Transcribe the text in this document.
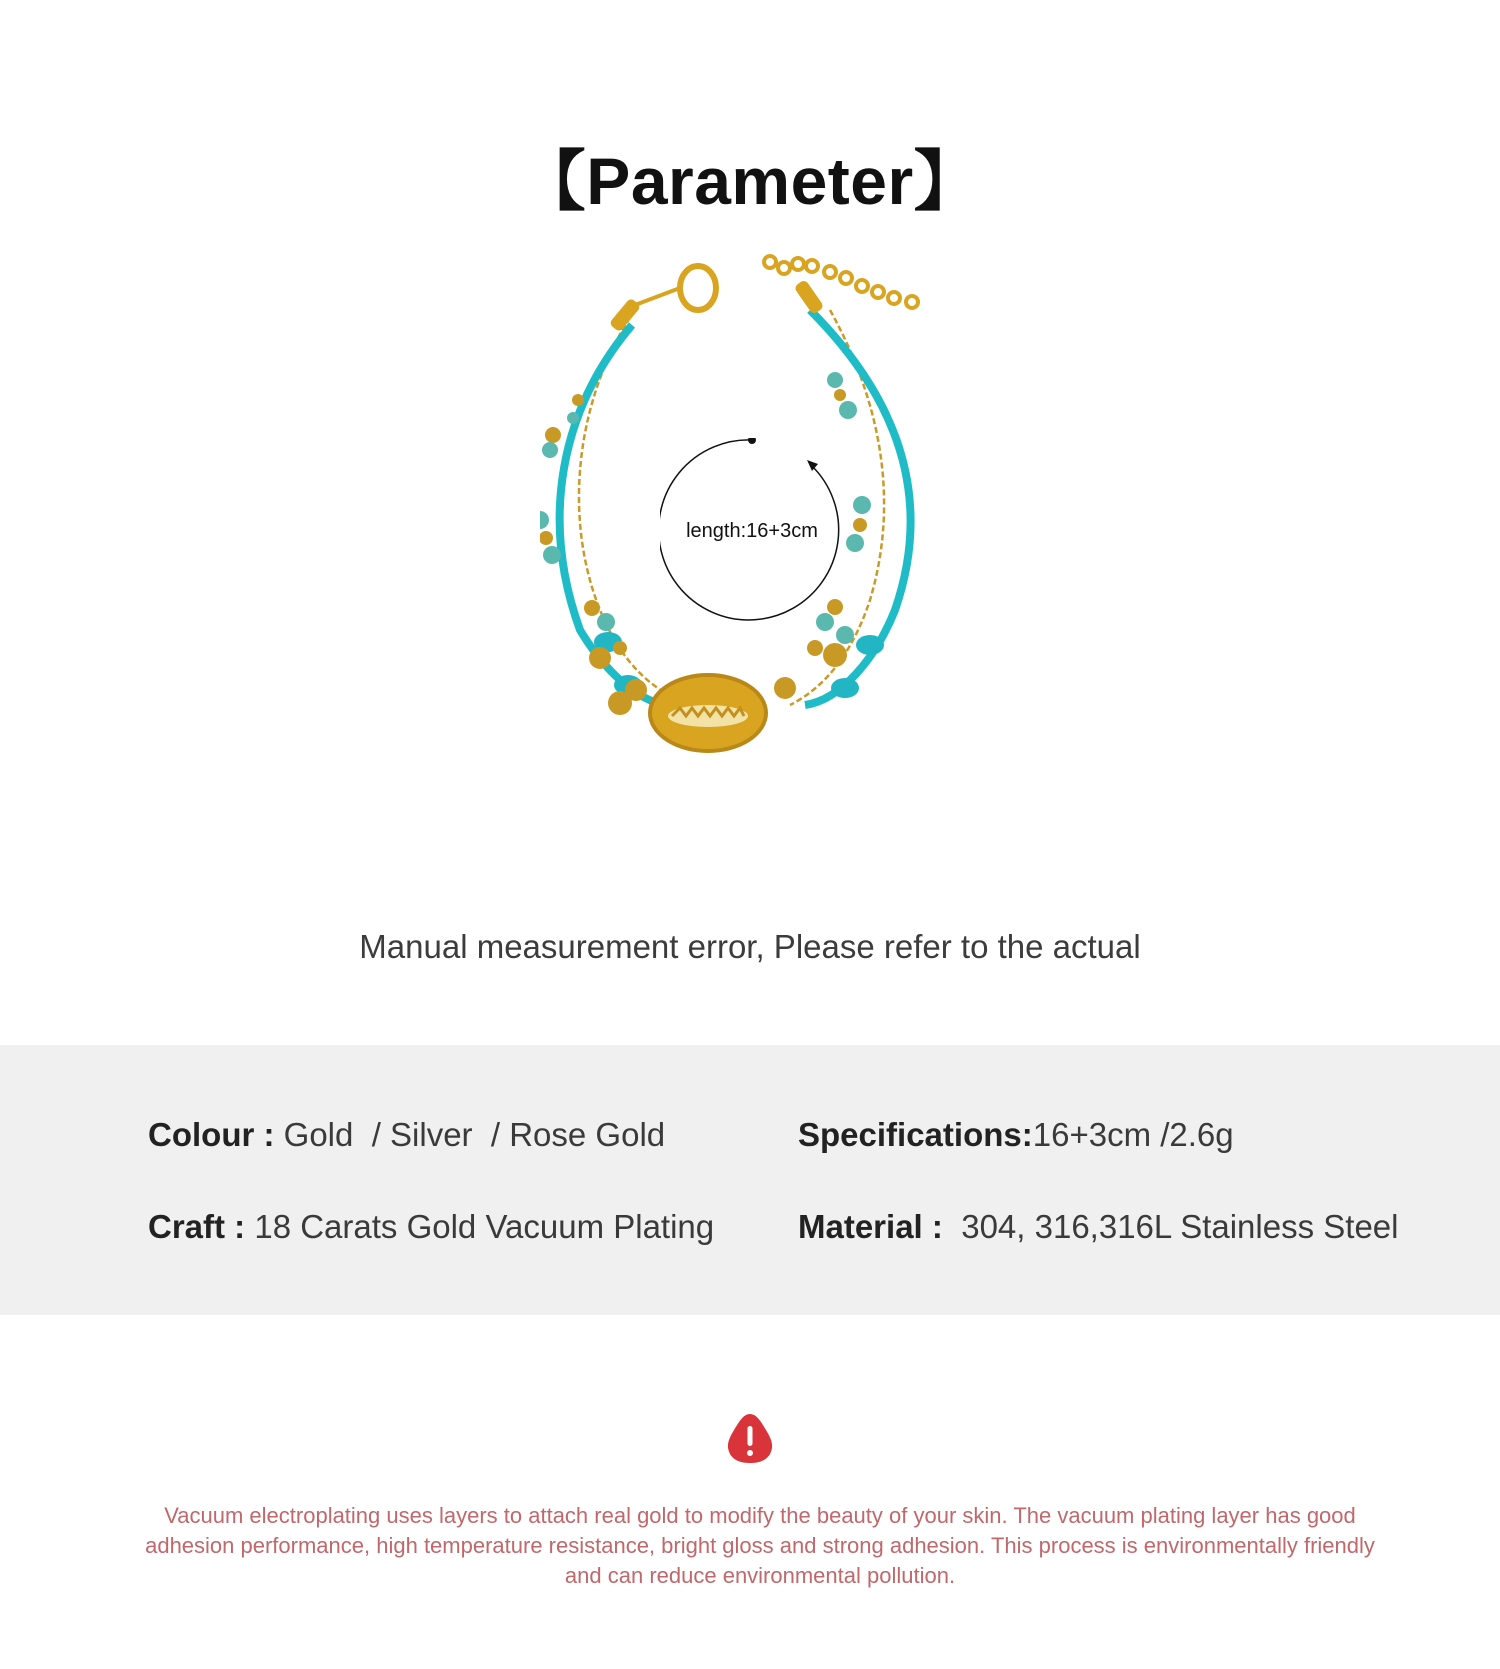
【Parameter】
length:16+3cm
Manual measurement error, Please refer to the actual
Colour : Gold  / Silver  / Rose Gold	Specifications:16+3cm /2.6g
Craft : 18 Carats Gold Vacuum Plating	Material :  304, 316,316L Stainless Steel
Vacuum electroplating uses layers to attach real gold to modify the beauty of your skin. The vacuum plating layer has good adhesion performance, high temperature resistance, bright gloss and strong adhesion. This process is environmentally friendly and can reduce environmental pollution.
